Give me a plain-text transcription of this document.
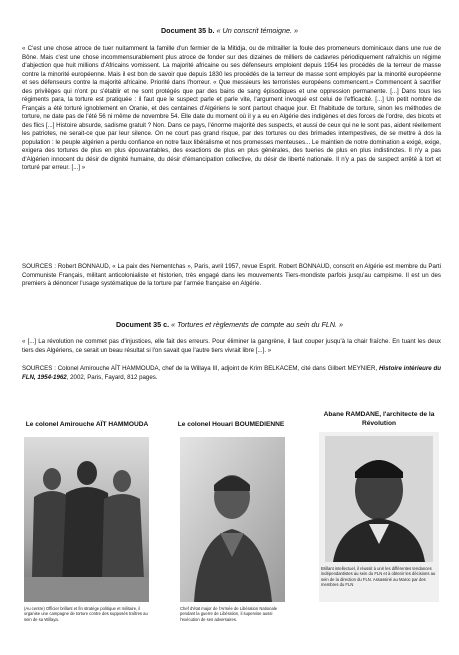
Document 35 b. « Un conscrit témoigne. »

« C'est une chose atroce de tuer nuitamment la famille d'un fermier de la Mitidja, ou de mitrailler la foule des promeneurs dominicaux dans une rue de Bône. Mais c'est une chose incommensurablement plus atroce de fonder sur des dizaines de milliers de cadavres périodiquement rafraîchis un régime d'abjection que huit millions d'Africains vomissent. La majorité africaine ou ses défenseurs emploient depuis 1954 les procédés de la terreur de masse contre la minorité européenne. Mais il est bon de savoir que depuis 1830 les procédés de la terreur de masse sont employés par la minorité européenne et ses défenseurs contre la majorité africaine. Priorité dans l'horreur. « Que messieurs les terroristes européens commencent.» Commencent à sacrifier des privilèges qui n'ont pu s'établir et ne sont protégés que par des bains de sang épisodiques et une oppression permanente. [...] Dans tous les régiments para, la torture est pratiquée : il faut que le suspect parle et parle vite, l'argument invoqué est celui de l'efficacité. [...] Un petit nombre de Français a été torturé ignoblement en Oranie, et des centaines d'Algériens le sont partout chaque jour. Et l'habitude de torture, sinon les méthodes de torture, ne date pas de l'été 56 ni même de novembre 54. Elle date du moment où il y a eu en Algérie des indigènes et des forces de l'ordre, des bicots et des flics [...] Histoire absurde, sadisme gratuit ? Non. Dans ce pays, l'énorme majorité des suspects, et aussi de ceux qui ne le sont pas, aident réellement les patriotes, ne serait-ce que par leur silence. On ne court pas grand risque, par des tortures ou des brimades intempestives, de se mettre à dos la population : le peuple algérien a perdu confiance en notre faux libéralisme et nos promesses menteuses... Le maintien de notre domination a exigé, exige, exigera des tortures de plus en plus épouvantables, des exactions de plus en plus générales, des tueries de plus en plus indistinctes. Il n'y a pas d'Algérien innocent du désir de dignité humaine, du désir d'émancipation collective, du désir de liberté nationale. Il n'y a pas de suspect arrêté à tort et torturé par erreur. [...] »

SOURCES : Robert BONNAUD, « La paix des Nementchas », Paris, avril 1957, revue Esprit. Robert BONNAUD, conscrit en Algérie est membre du Parti Communiste Français, militant anticolonialiste et historien, très engagé dans les mouvements Tiers-mondiste parfois jusqu'au campisme. Il est un des premiers à dénoncer l'usage systématique de la torture par l'armée française en Algérie.

Document 35 c. « Tortures et règlements de compte au sein du FLN. »

« [...] La révolution ne commet pas d'injustices, elle fait des erreurs. Pour éliminer la gangrène, il faut couper jusqu'à la chair fraîche. En tuant les deux tiers des Algériens, ce serait un beau résultat si l'on savait que l'autre tiers vivrait libre [...]. »

SOURCES : Colonel Amirouche AÏT HAMMOUDA, chef de la Willaya III, adjoint de Krim BELKACEM, cité dans Gilbert MEYNIER, Histoire intérieure du FLN, 1954-1962, 2002, Paris, Fayard, 812 pages.

Le colonel Amirouche AÏT HAMMOUDA

(Au centre) Officier brillant et fin stratège politique et militaire, il organise une campagne de torture contre des supposés traîtres au sein de sa Willaya.

Le colonel Houari BOUMEDIENNE

Chef d'état major de l'Armée de Libération Nationale pendant la guerre de Libération, il supervise aussi l'exécution de ses adversaires.

Abane RAMDANE, l'architecte de la Révolution

Brillant intellectuel, il réussit à unir les différentes tendances indépendantistes au sein du FLN et à obtenir les décisions au sein de la direction du FLN. Assassiné au Maroc par des membres du FLN
